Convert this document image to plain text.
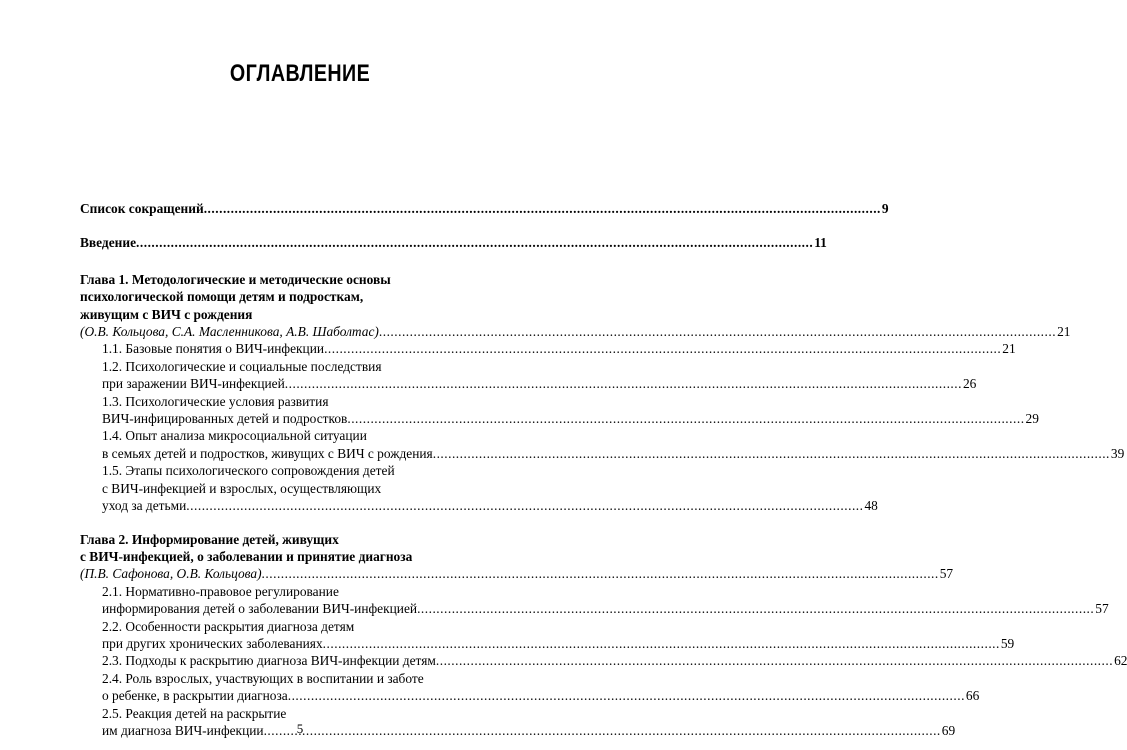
ОГЛАВЛЕНИЕ
Список сокращений .....	9
Введение .....	11
Глава 1. Методологические и методические основы
психологической помощи детям и подросткам,
живущим с ВИЧ с рождения
(О.В. Кольцова, С.А. Масленникова, А.В. Шаболтас) .....	21
1.1. Базовые понятия о ВИЧ-инфекции .....	21
1.2. Психологические и социальные последствия
при заражении ВИЧ-инфекцией .....	26
1.3. Психологические условия развития
ВИЧ-инфицированных детей и подростков .....	29
1.4. Опыт анализа микросоциальной ситуации
в семьях детей и подростков, живущих с ВИЧ с рождения .....	39
1.5. Этапы психологического сопровождения детей
с ВИЧ-инфекцией и взрослых, осуществляющих
уход за детьми .....	48
Глава 2. Информирование детей, живущих
с ВИЧ-инфекцией, о заболевании и принятие диагноза
(П.В. Сафонова, О.В. Кольцова) .....	57
2.1. Нормативно-правовое регулирование
информирования детей о заболевании ВИЧ-инфекцией .....	57
2.2. Особенности раскрытия диагноза детям
при других хронических заболеваниях .....	59
2.3. Подходы к раскрытию диагноза ВИЧ-инфекции детям .....	62
2.4. Роль взрослых, участвующих в воспитании и заботе
о ребенке, в раскрытии диагноза .....	66
2.5. Реакция детей на раскрытие
им диагноза ВИЧ-инфекции .....	69
5
